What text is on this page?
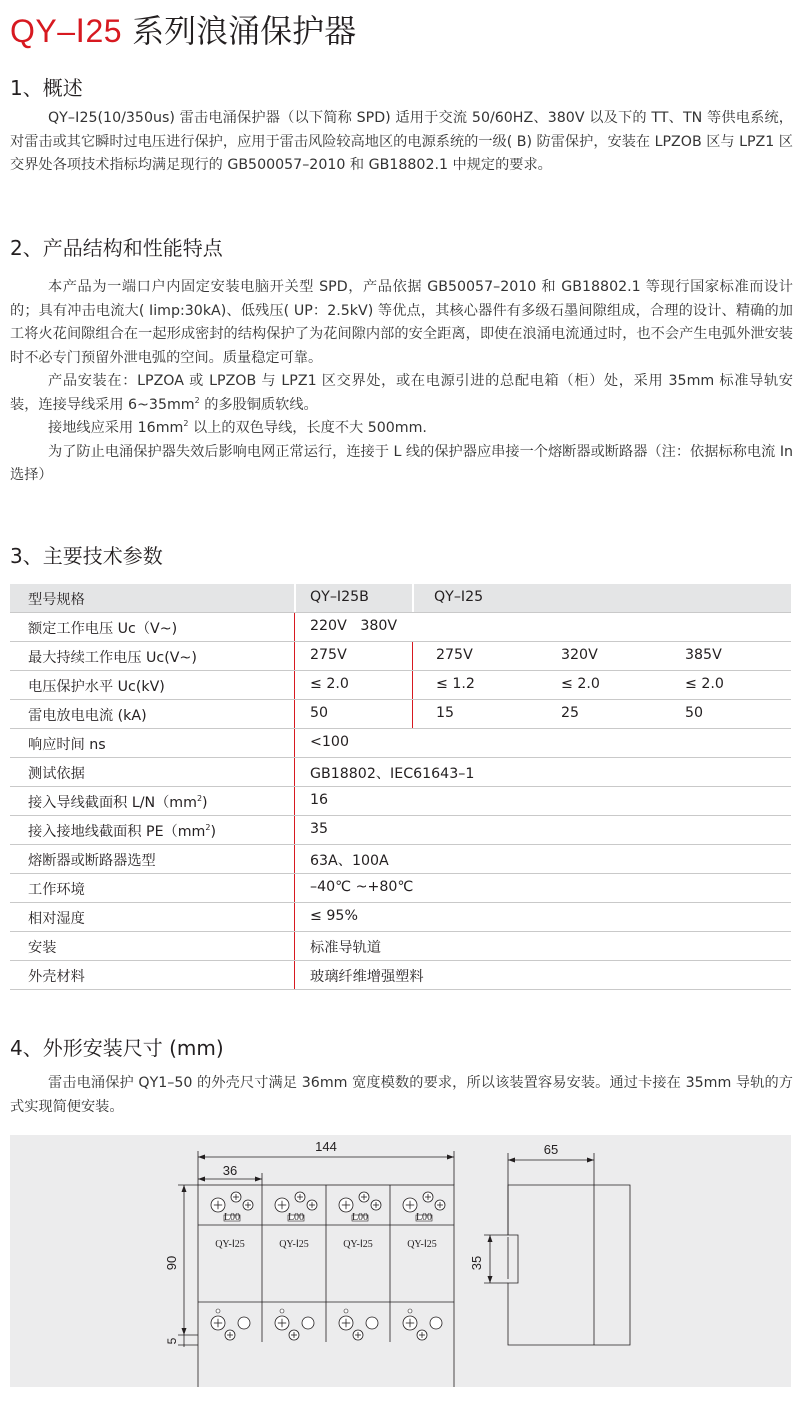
QY–Ⅰ25 系列浪涌保护器
1、概述

QY–Ⅰ25(10/350us) 雷击电涌保护器（以下简称 SPD) 适用于交流 50/60HZ、380V 以及下的 TT、TN 等供电系统，对雷击或其它瞬时过电压进行保护，应用于雷击风险较高地区的电源系统的一级( B) 防雷保护，安装在 LPZOB 区与 LPZ1 区交界处各项技术指标均满足现行的 GB500057–2010 和 GB18802.1 中规定的要求。

2、产品结构和性能特点

本产品为一端口户内固定安装电脑开关型 SPD，产品依据 GB50057–2010 和 GB18802.1 等现行国家标准而设计的；具有冲击电流大( Iimp:30kA)、低残压( UP：2.5kV) 等优点，其核心器件有多级石墨间隙组成，合理的设计、精确的加工将火花间隙组合在一起形成密封的结构保护了为花间隙内部的安全距离，即使在浪涌电流通过时，也不会产生电弧外泄安装时不必专门预留外泄电弧的空间。质量稳定可靠。

产品安装在：LPZOA 或 LPZOB 与 LPZ1 区交界处，或在电源引进的总配电箱（柜）处，采用 35mm 标准导轨安装，连接导线采用 $6\sim 35mm^2$ 的多股铜质软线。

接地线应采用 $16mm^2$ 以上的双色导线，长度不大 500mm.

为了防止电涌保护器失效后影响电网正常运行，连接于 L 线的保护器应串接一个熔断器或断路器（注：依据标称电流 In 选择）

3、主要技术参数
型号规格	QY–Ⅰ25B	QY–Ⅰ25
额定工作电压 Uc（V~)	220V   380V
最大持续工作电压 Uc(V~)	275V	275V	320V	385V
电压保护水平 Uc(kV)	≤ 2.0	≤ 1.2	≤ 2.0	≤ 2.0
雷电放电电流 (kA)	50	15	25	50
响应时间 ns	<100
测试依据	GB18802、IEC61643–1
接入导线截面积 $L/N(mm^2)$	16
接入接地线截面积 $PE(mm^2)$	35
熔断器或断路器选型	63A、100A
工作环境	–40℃ ~+80℃
相对湿度	≤ 95%
安装	标准导轨道
外壳材料	玻璃纤维增强塑料
4、外形安装尺寸 (mm)

雷击电涌保护 QY1–50 的外壳尺寸满足 36mm 宽度模数的要求，所以该装置容易安装。通过卡接在 35mm 导轨的方式实现简便安装。

L00
QY-Ⅰ25
L00
QY-Ⅰ25
L00
QY-Ⅰ25
L00
QY-Ⅰ25
144
36
90
5
65
35
